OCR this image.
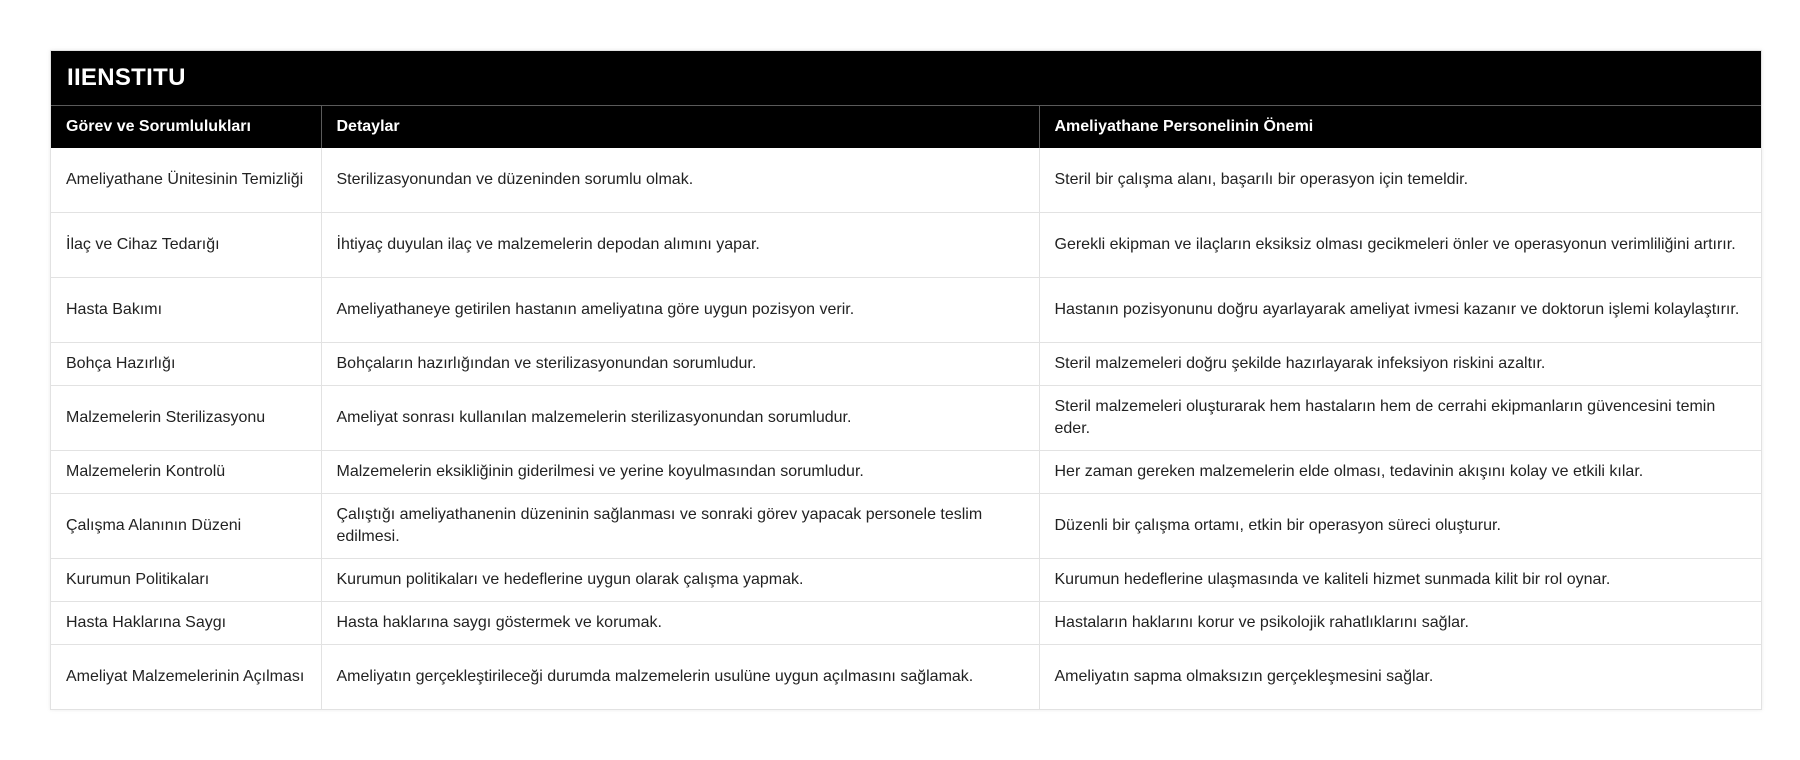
IIENSTITU
Görev ve Sorumlulukları	Detaylar	Ameliyathane Personelinin Önemi
Ameliyathane Ünitesinin Temizliği	Sterilizasyonundan ve düzeninden sorumlu olmak.	Steril bir çalışma alanı, başarılı bir operasyon için temeldir.
İlaç ve Cihaz Tedarığı	İhtiyaç duyulan ilaç ve malzemelerin depodan alımını yapar.	Gerekli ekipman ve ilaçların eksiksiz olması gecikmeleri önler ve operasyonun verimliliğini artırır.
Hasta Bakımı	Ameliyathaneye getirilen hastanın ameliyatına göre uygun pozisyon verir.	Hastanın pozisyonunu doğru ayarlayarak ameliyat ivmesi kazanır ve doktorun işlemi kolaylaştırır.
Bohça Hazırlığı	Bohçaların hazırlığından ve sterilizasyonundan sorumludur.	Steril malzemeleri doğru şekilde hazırlayarak infeksiyon riskini azaltır.
Malzemelerin Sterilizasyonu	Ameliyat sonrası kullanılan malzemelerin sterilizasyonundan sorumludur.	Steril malzemeleri oluşturarak hem hastaların hem de cerrahi ekipmanların güvencesini temin eder.
Malzemelerin Kontrolü	Malzemelerin eksikliğinin giderilmesi ve yerine koyulmasından sorumludur.	Her zaman gereken malzemelerin elde olması, tedavinin akışını kolay ve etkili kılar.
Çalışma Alanının Düzeni	Çalıştığı ameliyathanenin düzeninin sağlanması ve sonraki görev yapacak personele teslim edilmesi.	Düzenli bir çalışma ortamı, etkin bir operasyon süreci oluşturur.
Kurumun Politikaları	Kurumun politikaları ve hedeflerine uygun olarak çalışma yapmak.	Kurumun hedeflerine ulaşmasında ve kaliteli hizmet sunmada kilit bir rol oynar.
Hasta Haklarına Saygı	Hasta haklarına saygı göstermek ve korumak.	Hastaların haklarını korur ve psikolojik rahatlıklarını sağlar.
Ameliyat Malzemelerinin Açılması	Ameliyatın gerçekleştirileceği durumda malzemelerin usulüne uygun açılmasını sağlamak.	Ameliyatın sapma olmaksızın gerçekleşmesini sağlar.
